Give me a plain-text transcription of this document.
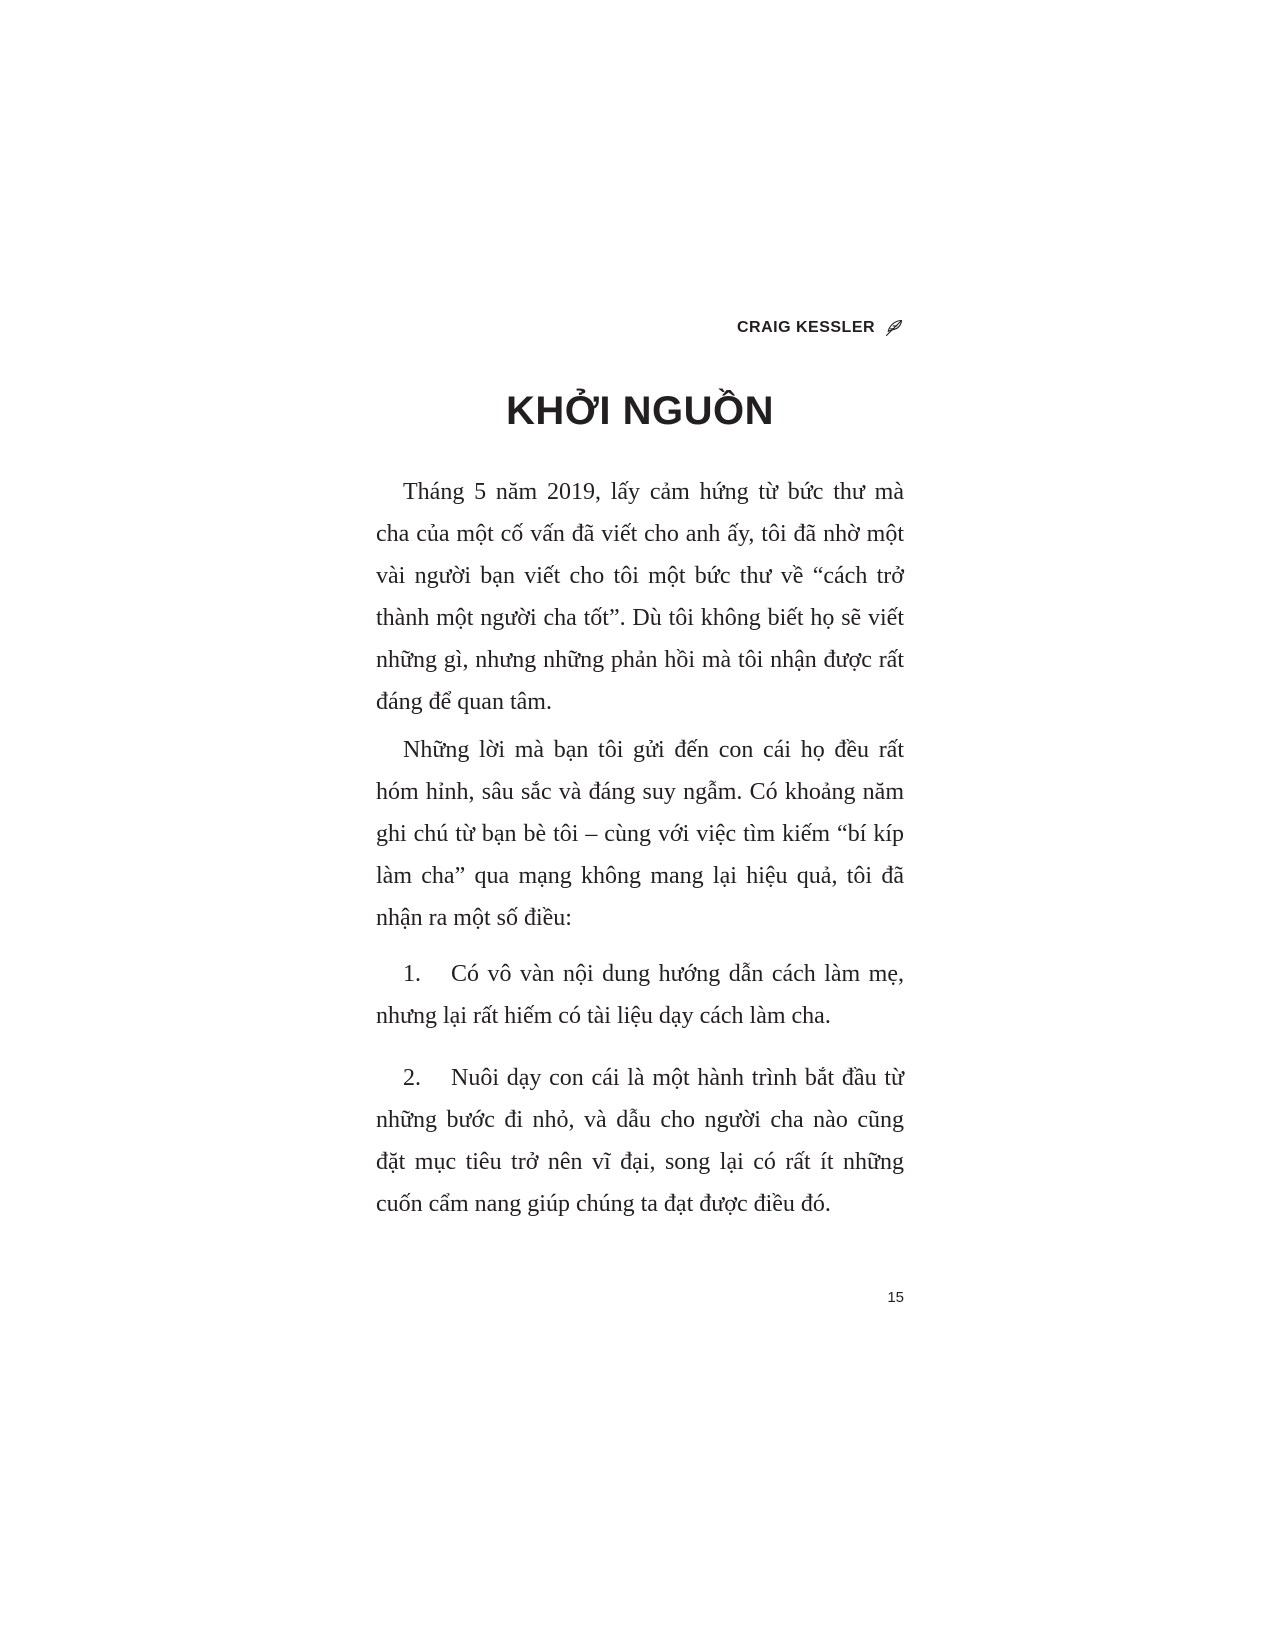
CRAIG KESSLER
KHỞI NGUỒN

Tháng 5 năm 2019, lấy cảm hứng từ bức thư mà cha của một cố vấn đã viết cho anh ấy, tôi đã nhờ một vài người bạn viết cho tôi một bức thư về “cách trở thành một người cha tốt”. Dù tôi không biết họ sẽ viết những gì, nhưng những phản hồi mà tôi nhận được rất đáng để quan tâm.

Những lời mà bạn tôi gửi đến con cái họ đều rất hóm hỉnh, sâu sắc và đáng suy ngẫm. Có khoảng năm ghi chú từ bạn bè tôi – cùng với việc tìm kiếm “bí kíp làm cha” qua mạng không mang lại hiệu quả, tôi đã nhận ra một số điều:

1. Có vô vàn nội dung hướng dẫn cách làm mẹ, nhưng lại rất hiếm có tài liệu dạy cách làm cha.
2. Nuôi dạy con cái là một hành trình bắt đầu từ những bước đi nhỏ, và dẫu cho người cha nào cũng đặt mục tiêu trở nên vĩ đại, song lại có rất ít những cuốn cẩm nang giúp chúng ta đạt được điều đó.
15
